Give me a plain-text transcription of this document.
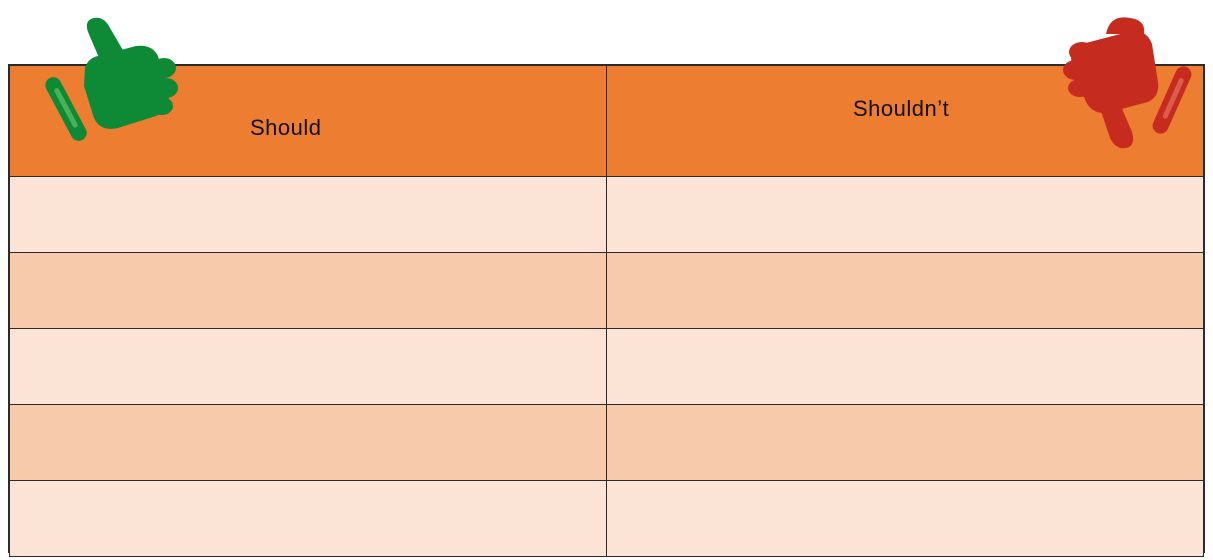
Should	Shouldn’t
